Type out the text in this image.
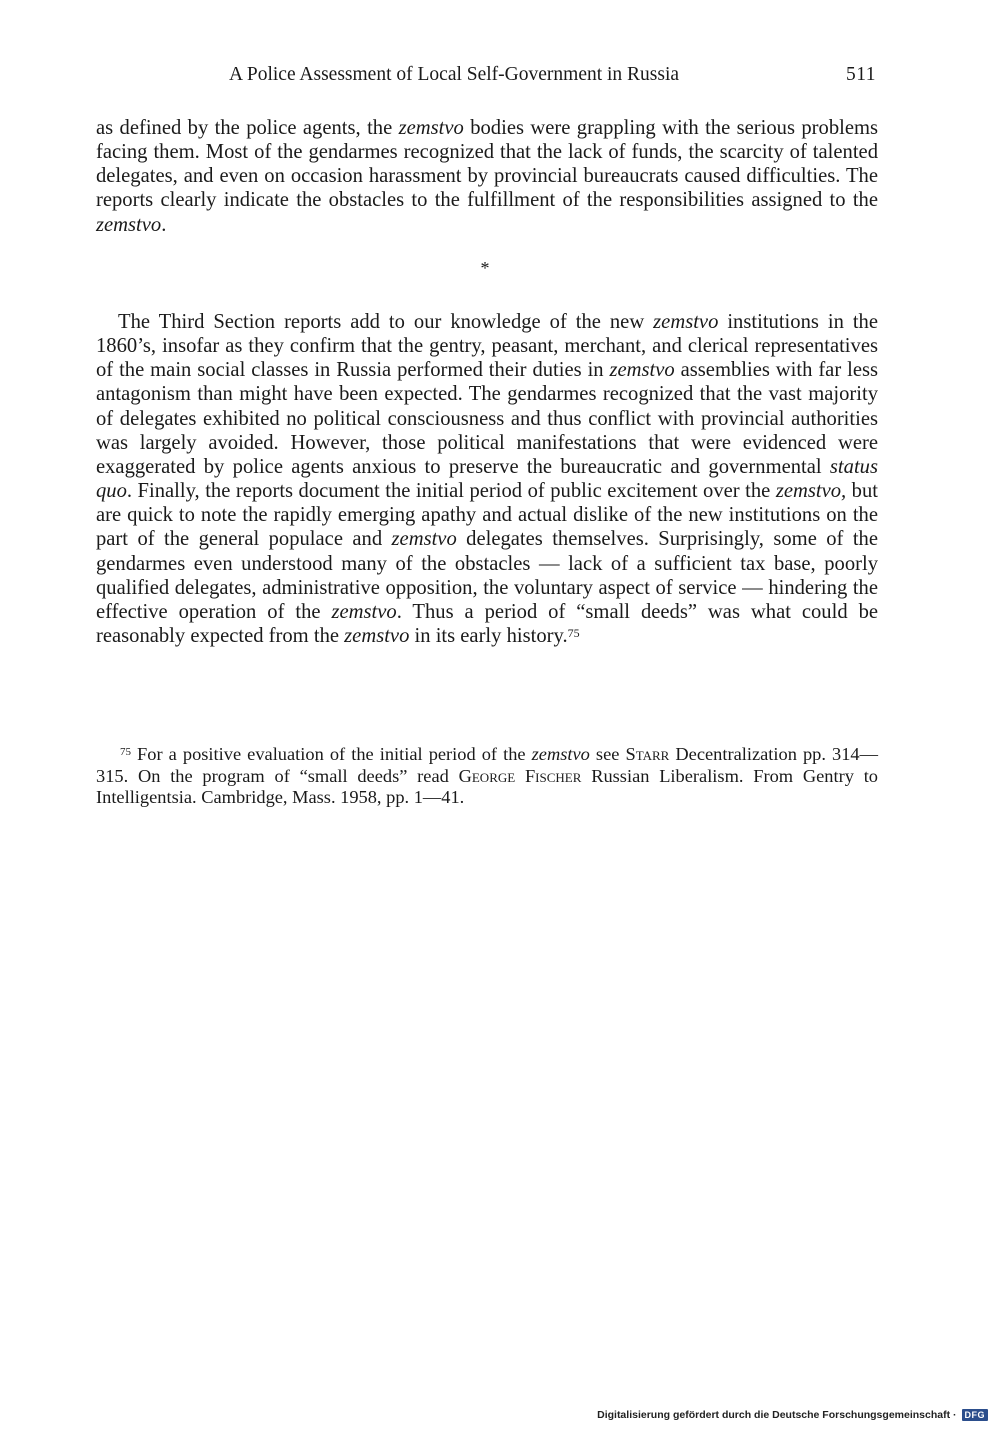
A Police Assessment of Local Self-Government in Russia	511

as defined by the police agents, the zemstvo bodies were grappling with the serious problems facing them. Most of the gendarmes recognized that the lack of funds, the scarcity of talented delegates, and even on occasion harassment by provincial bureaucrats caused difficulties. The reports clearly indicate the obstacles to the fulfillment of the responsibilities assigned to the zemstvo.

*

The Third Section reports add to our knowledge of the new zemstvo institutions in the 1860’s, insofar as they confirm that the gentry, peasant, merchant, and clerical representatives of the main social classes in Russia performed their duties in zemstvo assemblies with far less antagonism than might have been expected. The gendarmes recognized that the vast majority of delegates exhibited no political consciousness and thus conflict with provincial authorities was largely avoided. However, those political manifestations that were evidenced were exaggerated by police agents anxious to preserve the bureaucratic and governmental status quo. Finally, the reports document the initial period of public excitement over the zemstvo, but are quick to note the rapidly emerging apathy and actual dislike of the new institutions on the part of the general populace and zemstvo delegates themselves. Surprisingly, some of the gendarmes even understood many of the obstacles — lack of a sufficient tax base, poorly qualified delegates, administrative opposition, the voluntary aspect of service — hindering the effective operation of the zemstvo. Thus a period of “small deeds” was what could be reasonably expected from the zemstvo in its early history.$^{75}$

$^{75}$ For a positive evaluation of the initial period of the zemstvo see Starr Decentralization pp. 314—315. On the program of “small deeds” read George Fischer Russian Liberalism. From Gentry to Intelligentsia. Cambridge, Mass. 1958, pp. 1—41.

Digitalisierung gefördert durch die Deutsche Forschungsgemeinschaft · DFG
